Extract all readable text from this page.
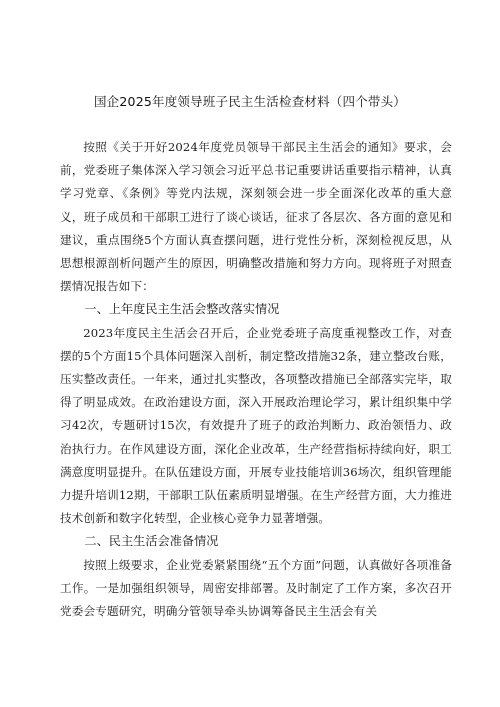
国企2025年度领导班子民主生活检查材料（四个带头）

按照《关于开好2024年度党员领导干部民主生活会的通知》要求，会前，党委班子集体深入学习领会习近平总书记重要讲话重要指示精神，认真学习党章、《条例》等党内法规，深刻领会进一步全面深化改革的重大意义，班子成员和干部职工进行了谈心谈话，征求了各层次、各方面的意见和建议，重点围绕5个方面认真查摆问题，进行党性分析，深刻检视反思，从思想根源剖析问题产生的原因，明确整改措施和努力方向。现将班子对照查摆情况报告如下：

一、上年度民主生活会整改落实情况

2023年度民主生活会召开后，企业党委班子高度重视整改工作，对查摆的5个方面15个具体问题深入剖析，制定整改措施32条，建立整改台账，压实整改责任。一年来，通过扎实整改，各项整改措施已全部落实完毕，取得了明显成效。在政治建设方面，深入开展政治理论学习，累计组织集中学习42次，专题研讨15次，有效提升了班子的政治判断力、政治领悟力、政治执行力。在作风建设方面，深化企业改革，生产经营指标持续向好，职工满意度明显提升。在队伍建设方面，开展专业技能培训36场次，组织管理能力提升培训12期，干部职工队伍素质明显增强。在生产经营方面，大力推进技术创新和数字化转型，企业核心竞争力显著增强。

二、民主生活会准备情况

按照上级要求，企业党委紧紧围绕“五个方面”问题，认真做好各项准备工作。一是加强组织领导，周密安排部署。及时制定了工作方案，多次召开党委会专题研究，明确分管领导牵头协调筹备民主生活会有关
